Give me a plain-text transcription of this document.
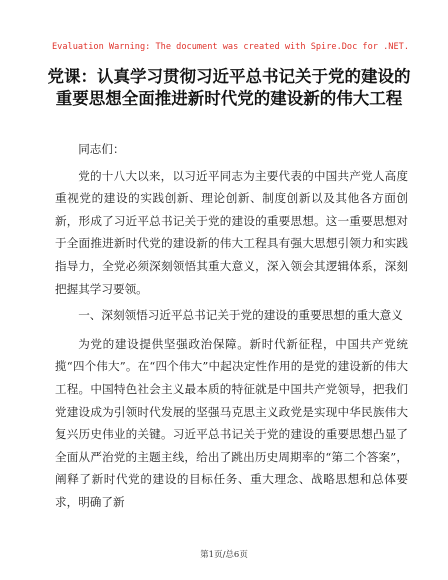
Evaluation Warning: The document was created with Spire.Doc for .NET.
党课：认真学习贯彻习近平总书记关于党的建设的重要思想全面推进新时代党的建设新的伟大工程

同志们：

党的十八大以来，以习近平同志为主要代表的中国共产党人高度重视党的建设的实践创新、理论创新、制度创新以及其他各方面创新，形成了习近平总书记关于党的建设的重要思想。这一重要思想对于全面推进新时代党的建设新的伟大工程具有强大思想引领力和实践指导力，全党必须深刻领悟其重大意义，深入领会其逻辑体系，深刻把握其学习要领。

一、深刻领悟习近平总书记关于党的建设的重要思想的重大意义

为党的建设提供坚强政治保障。新时代新征程，中国共产党统揽“四个伟大”。在“四个伟大”中起决定性作用的是党的建设新的伟大工程。中国特色社会主义最本质的特征就是中国共产党领导，把我们党建设成为引领时代发展的坚强马克思主义政党是实现中华民族伟大复兴历史伟业的关键。习近平总书记关于党的建设的重要思想凸显了全面从严治党的主题主线，给出了跳出历史周期率的“第二个答案”，阐释了新时代党的建设的目标任务、重大理念、战略思想和总体要求，明确了新

第1页/总6页
